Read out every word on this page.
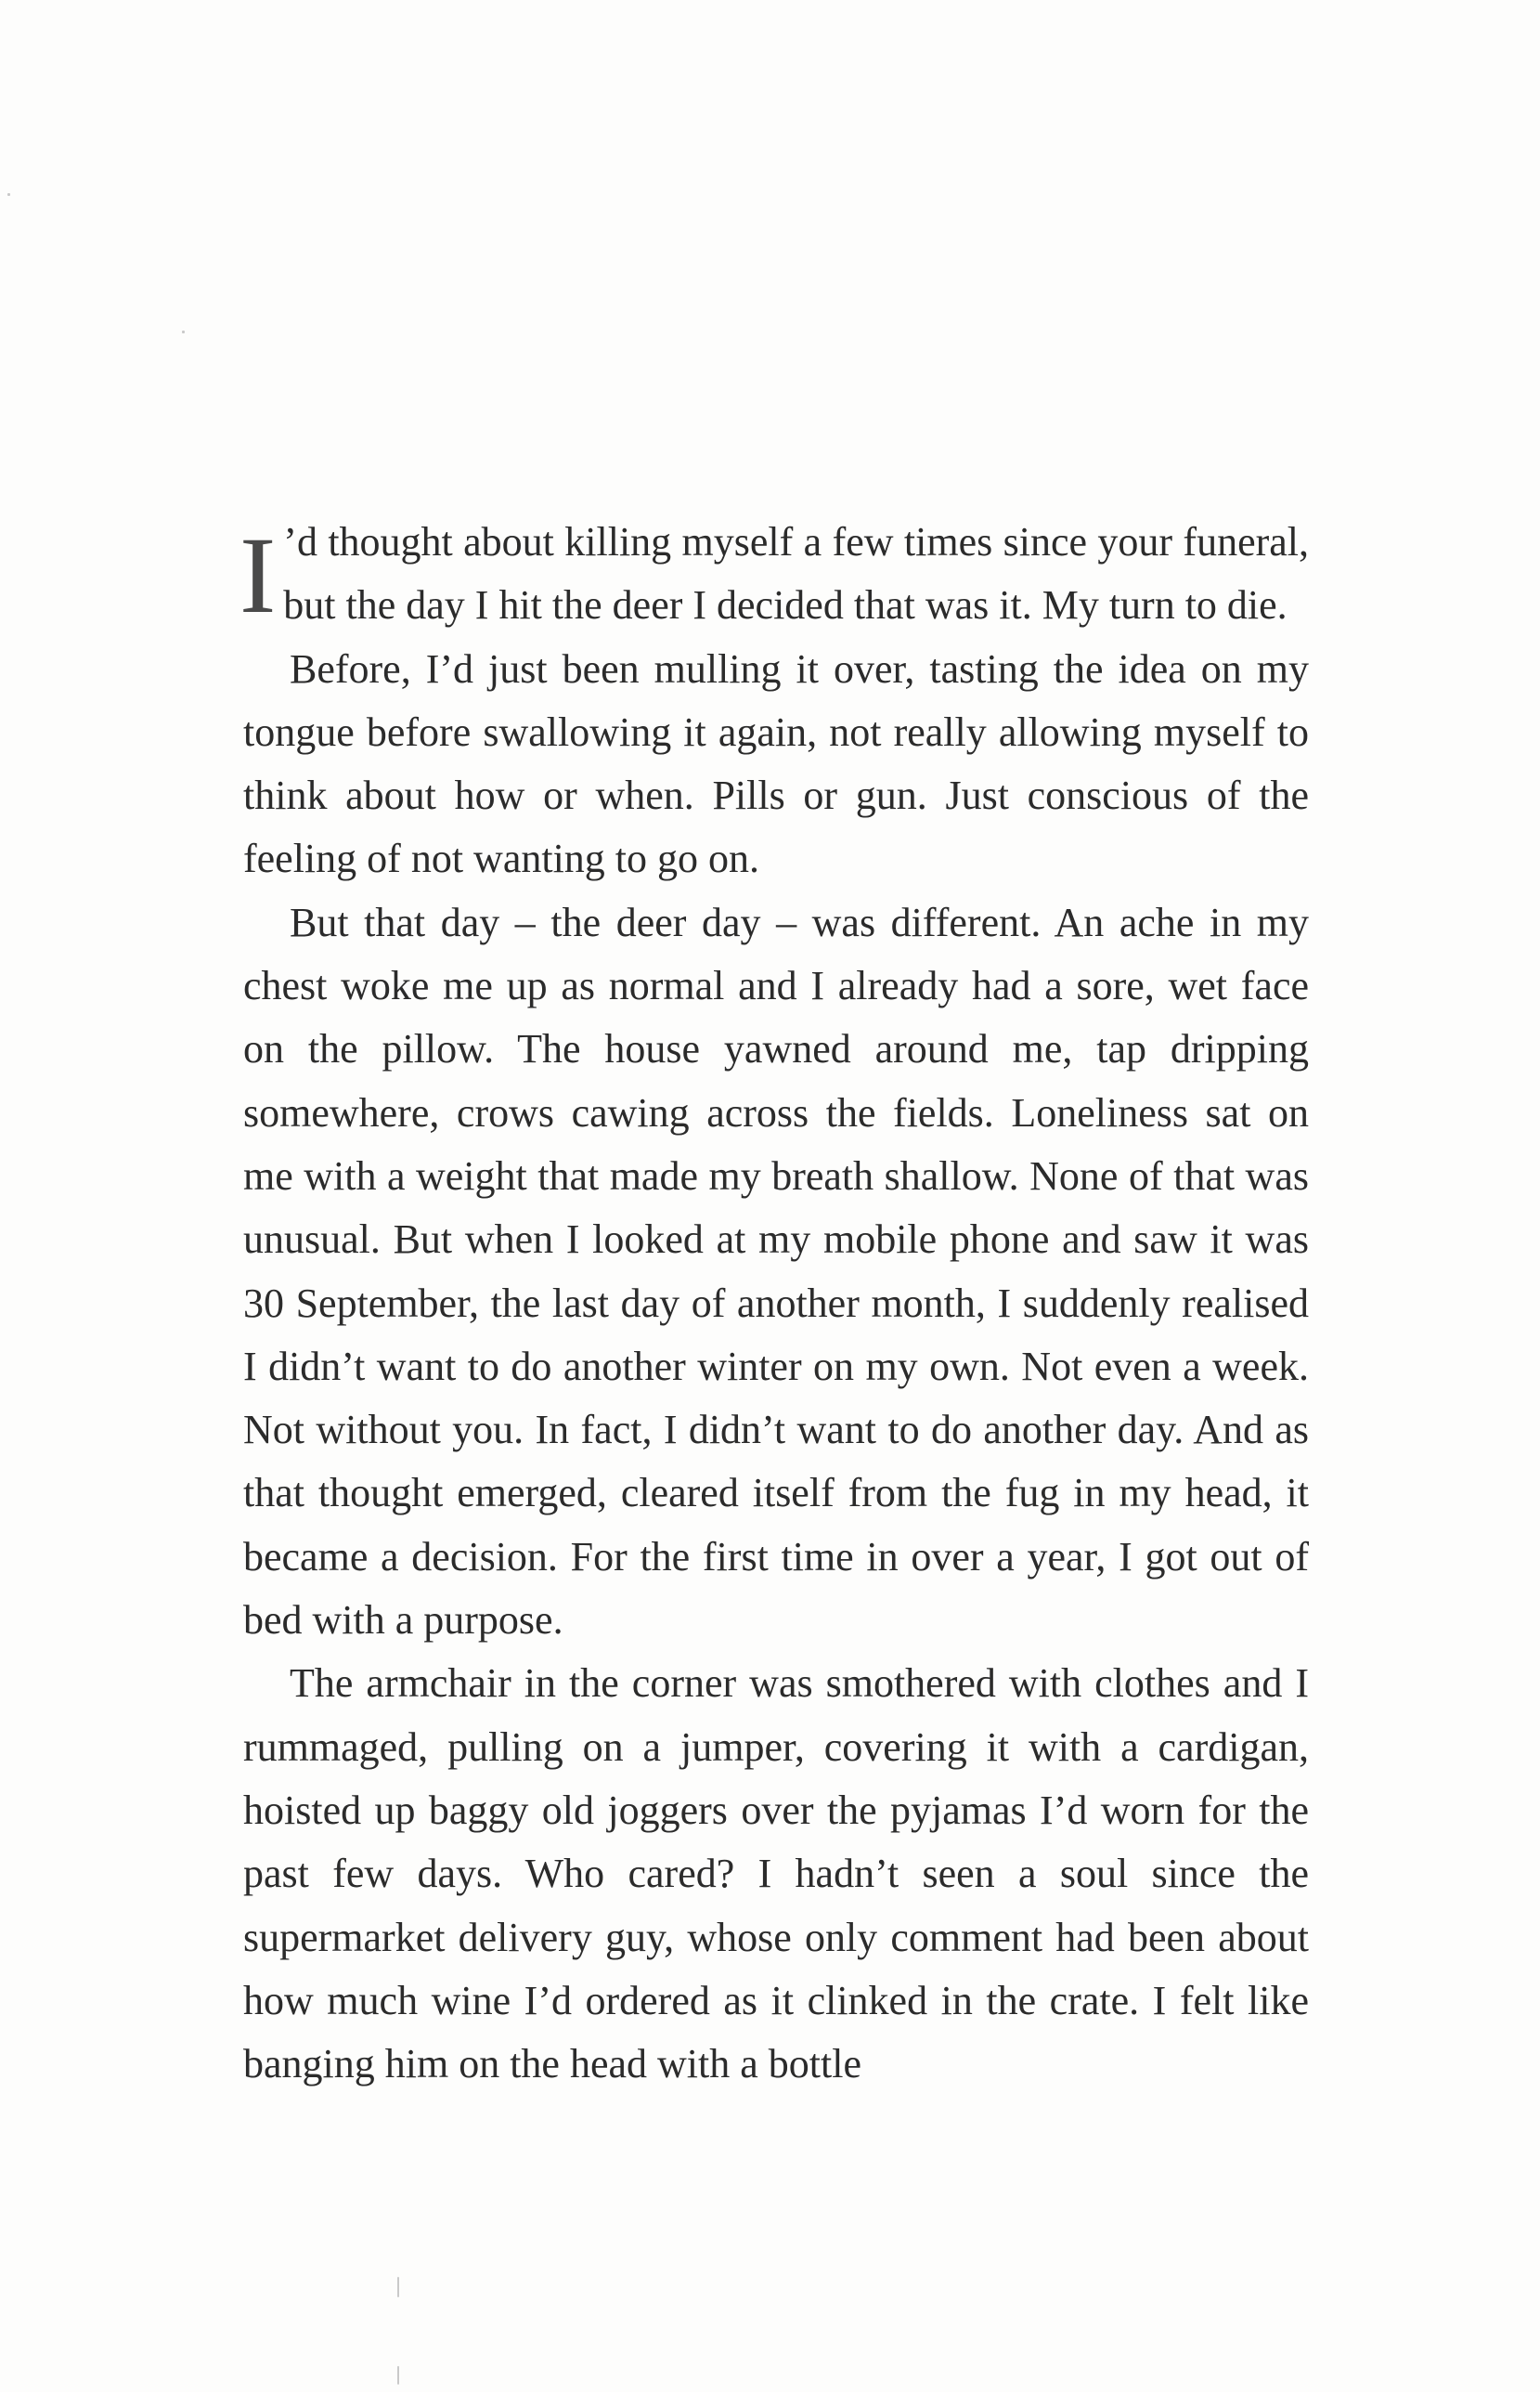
I ’d thought about killing myself a few times since your funeral, but the day I hit the deer I decided that was it. My turn to die.

Before, I’d just been mulling it over, tasting the idea on my tongue before swallowing it again, not really allowing myself to think about how or when. Pills or gun. Just conscious of the feeling of not wanting to go on.

But that day – the deer day – was different. An ache in my chest woke me up as normal and I already had a sore, wet face on the pillow. The house yawned around me, tap dripping somewhere, crows cawing across the fields. Loneliness sat on me with a weight that made my breath shallow. None of that was unusual. But when I looked at my mobile phone and saw it was 30 September, the last day of another month, I suddenly realised I didn’t want to do another winter on my own. Not even a week. Not without you. In fact, I didn’t want to do another day. And as that thought emerged, cleared itself from the fug in my head, it became a decision. For the first time in over a year, I got out of bed with a purpose.

The armchair in the corner was smothered with clothes and I rummaged, pulling on a jumper, covering it with a cardigan, hoisted up baggy old joggers over the pyjamas I’d worn for the past few days. Who cared? I hadn’t seen a soul since the supermarket delivery guy, whose only comment had been about how much wine I’d ordered as it clinked in the crate. I felt like banging him on the head with a bottle
